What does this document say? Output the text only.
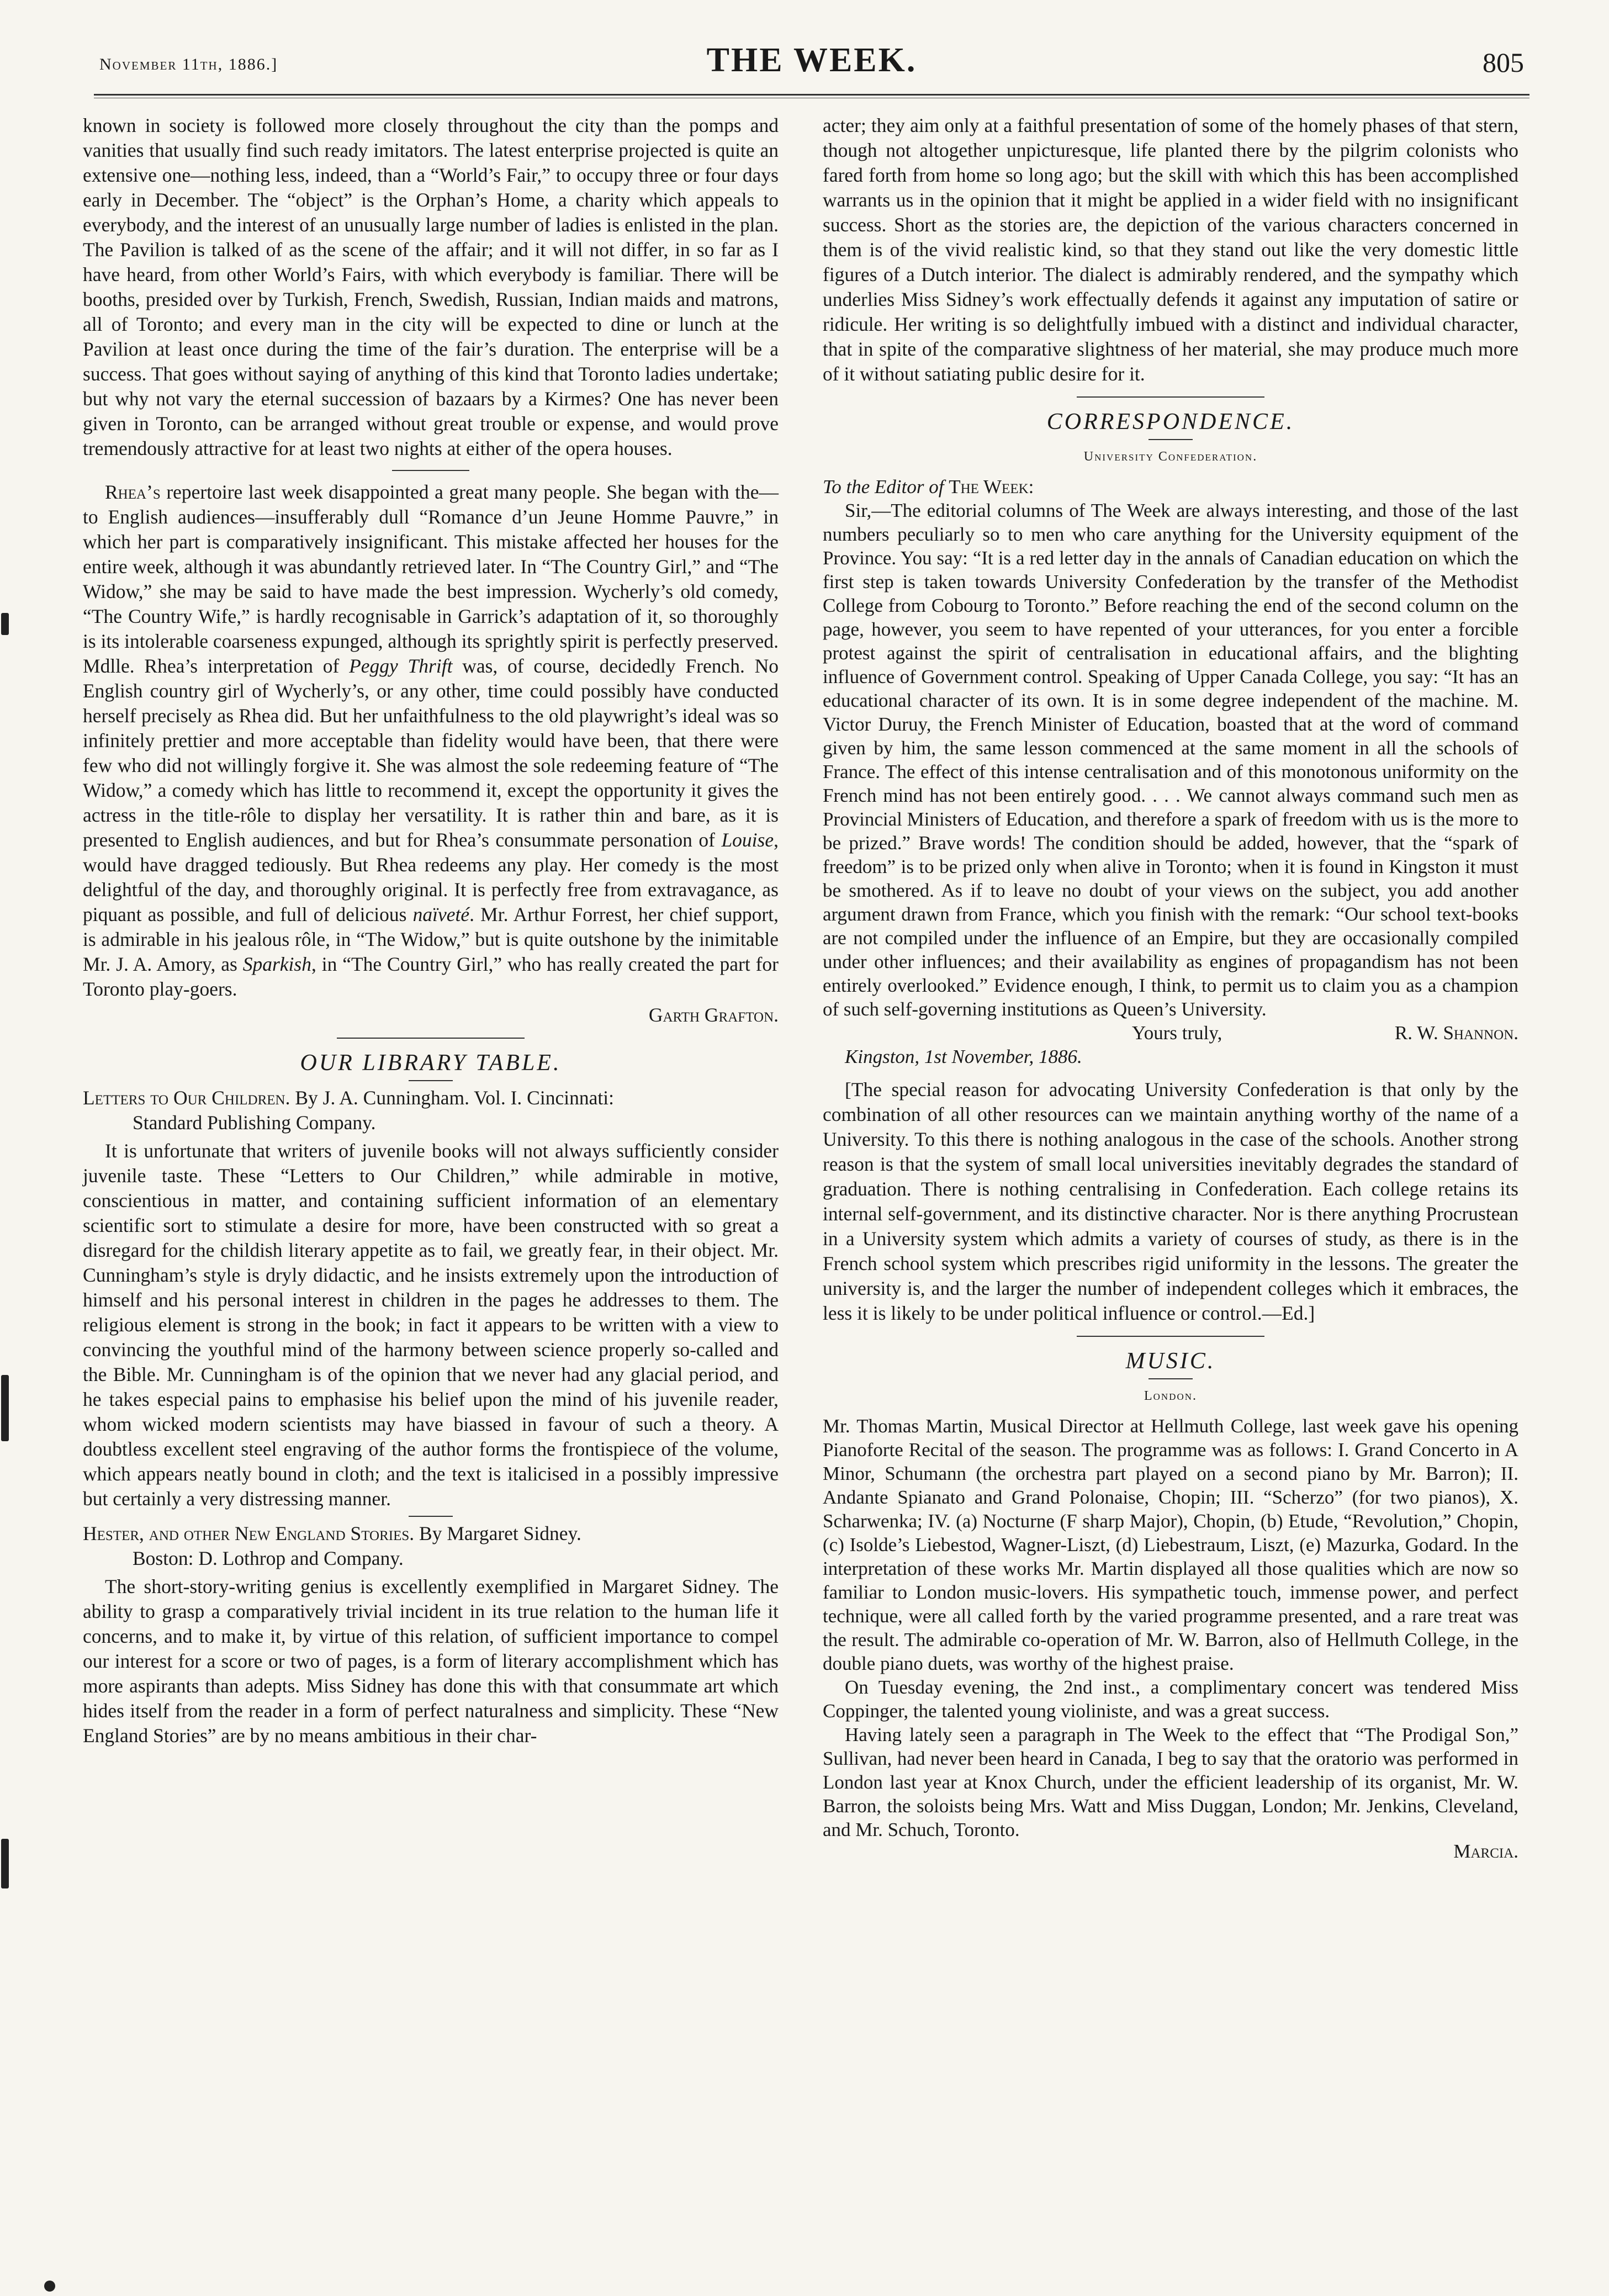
November 11th, 1886.]	THE WEEK.	805

known in society is followed more closely throughout the city than the pomps and vanities that usually find such ready imitators. The latest enterprise projected is quite an extensive one—nothing less, indeed, than a “World’s Fair,” to occupy three or four days early in December. The “object” is the Orphan’s Home, a charity which appeals to everybody, and the interest of an unusually large number of ladies is enlisted in the plan. The Pavilion is talked of as the scene of the affair; and it will not differ, in so far as I have heard, from other World’s Fairs, with which everybody is familiar. There will be booths, presided over by Turkish, French, Swedish, Russian, Indian maids and matrons, all of Toronto; and every man in the city will be expected to dine or lunch at the Pavilion at least once during the time of the fair’s duration. The enterprise will be a success. That goes without saying of anything of this kind that Toronto ladies undertake; but why not vary the eternal succession of bazaars by a Kirmes? One has never been given in Toronto, can be arranged without great trouble or expense, and would prove tremendously attractive for at least two nights at either of the opera houses.

Rhea’s repertoire last week disappointed a great many people. She began with the—to English audiences—insufferably dull “Romance d’un Jeune Homme Pauvre,” in which her part is comparatively insignificant. This mistake affected her houses for the entire week, although it was abundantly retrieved later. In “The Country Girl,” and “The Widow,” she may be said to have made the best impression. Wycherly’s old comedy, “The Country Wife,” is hardly recognisable in Garrick’s adaptation of it, so thoroughly is its intolerable coarseness expunged, although its sprightly spirit is perfectly preserved. Mdlle. Rhea’s interpretation of Peggy Thrift was, of course, decidedly French. No English country girl of Wycherly’s, or any other, time could possibly have conducted herself precisely as Rhea did. But her unfaithfulness to the old playwright’s ideal was so infinitely prettier and more acceptable than fidelity would have been, that there were few who did not willingly forgive it. She was almost the sole redeeming feature of “The Widow,” a comedy which has little to recommend it, except the opportunity it gives the actress in the title-rôle to display her versatility. It is rather thin and bare, as it is presented to English audiences, and but for Rhea’s consummate personation of Louise, would have dragged tediously. But Rhea redeems any play. Her comedy is the most delightful of the day, and thoroughly original. It is perfectly free from extravagance, as piquant as possible, and full of delicious naïveté. Mr. Arthur Forrest, her chief support, is admirable in his jealous rôle, in “The Widow,” but is quite outshone by the inimitable Mr. J. A. Amory, as Sparkish, in “The Country Girl,” who has really created the part for Toronto play-goers.

Garth Grafton.
OUR LIBRARY TABLE.

Letters to Our Children. By J. A. Cunningham. Vol. I. Cincinnati:
Standard Publishing Company.

It is unfortunate that writers of juvenile books will not always sufficiently consider juvenile taste. These “Letters to Our Children,” while admirable in motive, conscientious in matter, and containing sufficient information of an elementary scientific sort to stimulate a desire for more, have been constructed with so great a disregard for the childish literary appetite as to fail, we greatly fear, in their object. Mr. Cunningham’s style is dryly didactic, and he insists extremely upon the introduction of himself and his personal interest in children in the pages he addresses to them. The religious element is strong in the book; in fact it appears to be written with a view to convincing the youthful mind of the harmony between science properly so-called and the Bible. Mr. Cunningham is of the opinion that we never had any glacial period, and he takes especial pains to emphasise his belief upon the mind of his juvenile reader, whom wicked modern scientists may have biassed in favour of such a theory. A doubtless excellent steel engraving of the author forms the frontispiece of the volume, which appears neatly bound in cloth; and the text is italicised in a possibly impressive but certainly a very distressing manner.

Hester, and other New England Stories. By Margaret Sidney.
Boston: D. Lothrop and Company.

The short-story-writing genius is excellently exemplified in Margaret Sidney. The ability to grasp a comparatively trivial incident in its true relation to the human life it concerns, and to make it, by virtue of this relation, of sufficient importance to compel our interest for a score or two of pages, is a form of literary accomplishment which has more aspirants than adepts. Miss Sidney has done this with that consummate art which hides itself from the reader in a form of perfect naturalness and simplicity. These “New England Stories” are by no means ambitious in their char-

acter; they aim only at a faithful presentation of some of the homely phases of that stern, though not altogether unpicturesque, life planted there by the pilgrim colonists who fared forth from home so long ago; but the skill with which this has been accomplished warrants us in the opinion that it might be applied in a wider field with no insignificant success. Short as the stories are, the depiction of the various characters concerned in them is of the vivid realistic kind, so that they stand out like the very domestic little figures of a Dutch interior. The dialect is admirably rendered, and the sympathy which underlies Miss Sidney’s work effectually defends it against any imputation of satire or ridicule. Her writing is so delightfully imbued with a distinct and individual character, that in spite of the comparative slightness of her material, she may produce much more of it without satiating public desire for it.

CORRESPONDENCE.
University Confederation.
To the Editor of The Week:

Sir,—The editorial columns of The Week are always interesting, and those of the last numbers peculiarly so to men who care anything for the University equipment of the Province. You say: “It is a red letter day in the annals of Canadian education on which the first step is taken towards University Confederation by the transfer of the Methodist College from Cobourg to Toronto.” Before reaching the end of the second column on the page, however, you seem to have repented of your utterances, for you enter a forcible protest against the spirit of centralisation in educational affairs, and the blighting influence of Government control. Speaking of Upper Canada College, you say: “It has an educational character of its own. It is in some degree independent of the machine. M. Victor Duruy, the French Minister of Education, boasted that at the word of command given by him, the same lesson commenced at the same moment in all the schools of France. The effect of this intense centralisation and of this monotonous uniformity on the French mind has not been entirely good. . . . We cannot always command such men as Provincial Ministers of Education, and therefore a spark of freedom with us is the more to be prized.” Brave words! The condition should be added, however, that the “spark of freedom” is to be prized only when alive in Toronto; when it is found in Kingston it must be smothered. As if to leave no doubt of your views on the subject, you add another argument drawn from France, which you finish with the remark: “Our school text-books are not compiled under the influence of an Empire, but they are occasionally compiled under other influences; and their availability as engines of propagandism has not been entirely overlooked.” Evidence enough, I think, to permit us to claim you as a champion of such self-governing institutions as Queen’s University.

Yours truly,	R. W. Shannon.
Kingston, 1st November, 1886.

[The special reason for advocating University Confederation is that only by the combination of all other resources can we maintain anything worthy of the name of a University. To this there is nothing analogous in the case of the schools. Another strong reason is that the system of small local universities inevitably degrades the standard of graduation. There is nothing centralising in Confederation. Each college retains its internal self-government, and its distinctive character. Nor is there anything Procrustean in a University system which admits a variety of courses of study, as there is in the French school system which prescribes rigid uniformity in the lessons. The greater the university is, and the larger the number of independent colleges which it embraces, the less it is likely to be under political influence or control.—Ed.]

MUSIC.
London.

Mr. Thomas Martin, Musical Director at Hellmuth College, last week gave his opening Pianoforte Recital of the season. The programme was as follows: I. Grand Concerto in A Minor, Schumann (the orchestra part played on a second piano by Mr. Barron); II. Andante Spianato and Grand Polonaise, Chopin; III. “Scherzo” (for two pianos), X. Scharwenka; IV. (a) Nocturne (F sharp Major), Chopin, (b) Etude, “Revolution,” Chopin, (c) Isolde’s Liebestod, Wagner-Liszt, (d) Liebestraum, Liszt, (e) Mazurka, Godard. In the interpretation of these works Mr. Martin displayed all those qualities which are now so familiar to London music-lovers. His sympathetic touch, immense power, and perfect technique, were all called forth by the varied programme presented, and a rare treat was the result. The admirable co-operation of Mr. W. Barron, also of Hellmuth College, in the double piano duets, was worthy of the highest praise.

On Tuesday evening, the 2nd inst., a complimentary concert was tendered Miss Coppinger, the talented young violiniste, and was a great success.

Having lately seen a paragraph in The Week to the effect that “The Prodigal Son,” Sullivan, had never been heard in Canada, I beg to say that the oratorio was performed in London last year at Knox Church, under the efficient leadership of its organist, Mr. W. Barron, the soloists being Mrs. Watt and Miss Duggan, London; Mr. Jenkins, Cleveland, and Mr. Schuch, Toronto.

Marcia.
